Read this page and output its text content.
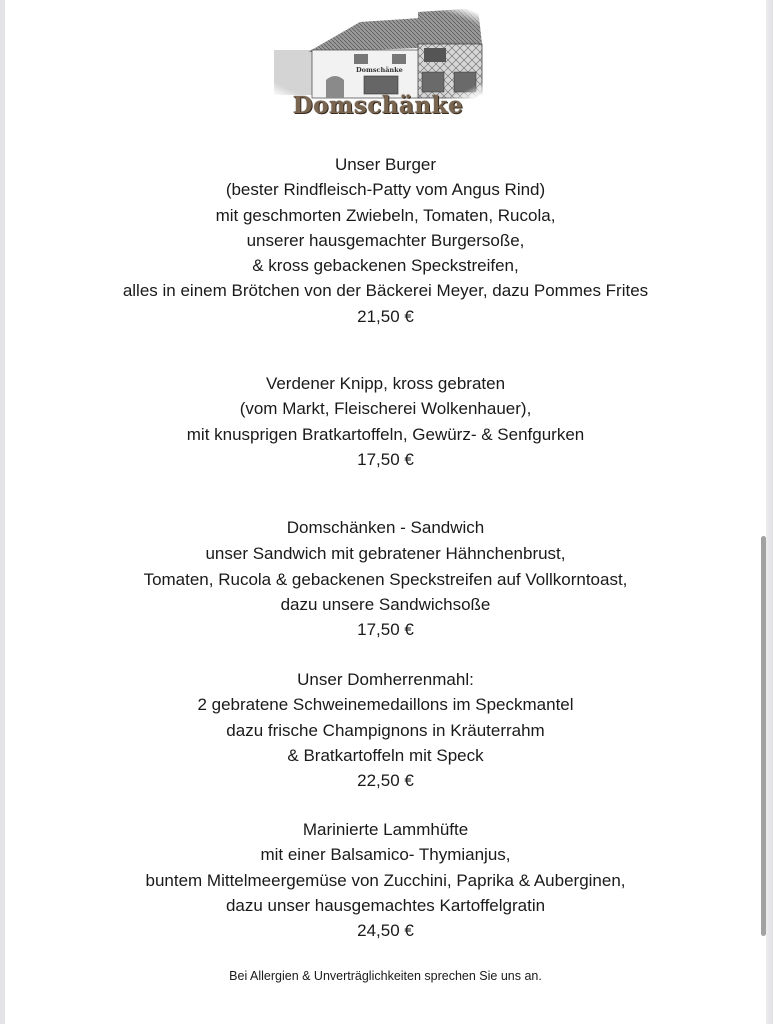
Domschänke
Domschänke
Unser Burger
(bester Rindfleisch-Patty vom Angus Rind)
mit geschmorten Zwiebeln, Tomaten, Rucola,
unserer hausgemachter Burgersoße,
& kross gebackenen Speckstreifen,
alles in einem Brötchen von der Bäckerei Meyer, dazu Pommes Frites
21,50 €
Verdener Knipp, kross gebraten
(vom Markt, Fleischerei Wolkenhauer),
mit knusprigen Bratkartoffeln, Gewürz- & Senfgurken
17,50 €
Domschänken - Sandwich
unser Sandwich mit gebratener Hähnchenbrust,
Tomaten, Rucola & gebackenen Speckstreifen auf Vollkorntoast,
dazu unsere Sandwichsoße
17,50 €
Unser Domherrenmahl:
2 gebratene Schweinemedaillons im Speckmantel
dazu frische Champignons in Kräuterrahm
& Bratkartoffeln mit Speck
22,50 €
Marinierte Lammhüfte
mit einer Balsamico- Thymianjus,
buntem Mittelmeergemüse von Zucchini, Paprika & Auberginen,
dazu unser hausgemachtes Kartoffelgratin
24,50 €
Bei Allergien & Unverträglichkeiten sprechen Sie uns an.
